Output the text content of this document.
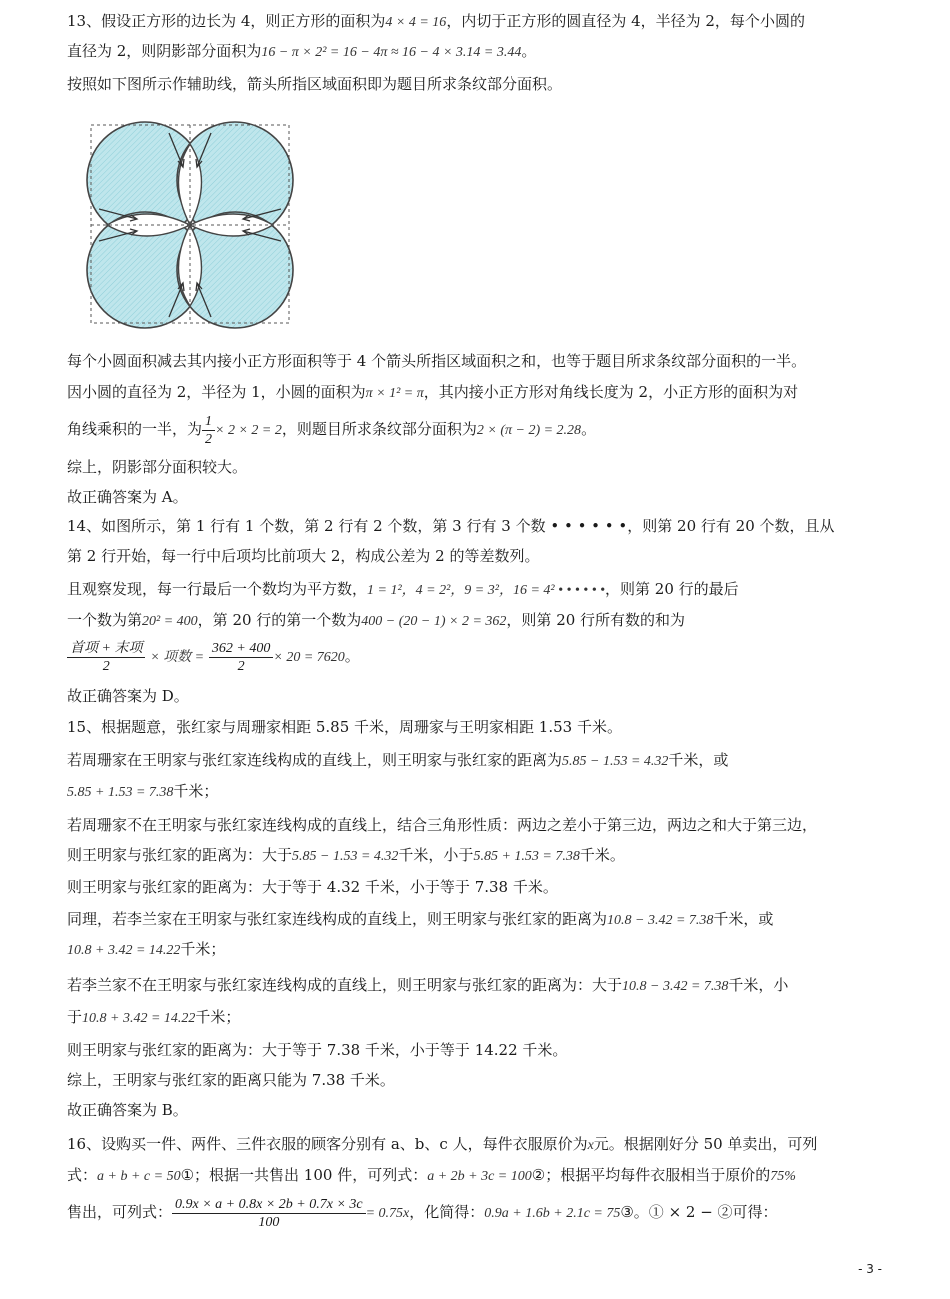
13、假设正方形的边长为 4，则正方形的面积为4 × 4 = 16，内切于正方形的圆直径为 4，半径为 2，每个小圆的
直径为 2，则阴影部分面积为16 − π × 2² = 16 − 4π ≈ 16 − 4 × 3.14 = 3.44。
按照如下图所示作辅助线，箭头所指区域面积即为题目所求条纹部分面积。
每个小圆面积减去其内接小正方形面积等于 4 个箭头所指区域面积之和，也等于题目所求条纹部分面积的一半。
因小圆的直径为 2，半径为 1，小圆的面积为π × 1² = π，其内接小正方形对角线长度为 2，小正方形的面积为对
角线乘积的一半，为 $\frac{1}{2} \times 2 \times 2 = 2$，则题目所求条纹部分面积为2 × (π − 2) = 2.28。
综上，阴影部分面积较大。
故正确答案为 A。
14、如图所示，第 1 行有 1 个数，第 2 行有 2 个数，第 3 行有 3 个数 • • • • • •，则第 20 行有 20 个数，且从
第 2 行开始，每一行中后项均比前项大 2，构成公差为 2 的等差数列。
且观察发现，每一行最后一个数均为平方数，1 = 1²，4 = 2²，9 = 3²，16 = 4² • • • • • •，则第 20 行的最后
一个数为第20² = 400，第 20 行的第一个数为400 − (20 − 1) × 2 = 362，则第 20 行所有数的和为
$\frac{\text{首项 + 末项}}{2}$ × 项数 = $\frac{362 + 400}{2} \times 20 = 7620$。
故正确答案为 D。
15、根据题意，张红家与周珊家相距 5.85 千米，周珊家与王明家相距 1.53 千米。
若周珊家在王明家与张红家连线构成的直线上，则王明家与张红家的距离为5.85 − 1.53 = 4.32千米，或
5.85 + 1.53 = 7.38千米；
若周珊家不在王明家与张红家连线构成的直线上，结合三角形性质：两边之差小于第三边，两边之和大于第三边，
则王明家与张红家的距离为：大于5.85 − 1.53 = 4.32千米，小于5.85 + 1.53 = 7.38千米。
则王明家与张红家的距离为：大于等于 4.32 千米，小于等于 7.38 千米。
同理，若李兰家在王明家与张红家连线构成的直线上，则王明家与张红家的距离为10.8 − 3.42 = 7.38千米，或
10.8 + 3.42 = 14.22千米；
若李兰家不在王明家与张红家连线构成的直线上，则王明家与张红家的距离为：大于10.8 − 3.42 = 7.38千米，小
于10.8 + 3.42 = 14.22千米；
则王明家与张红家的距离为：大于等于 7.38 千米，小于等于 14.22 千米。
综上，王明家与张红家的距离只能为 7.38 千米。
故正确答案为 B。
16、设购买一件、两件、三件衣服的顾客分别有 a、b、c 人，每件衣服原价为x元。根据刚好分 50 单卖出，可列
式：a + b + c = 50①；根据一共售出 100 件，可列式：a + 2b + 3c = 100②；根据平均每件衣服相当于原价的75%
售出，可列式： $\frac{0.9x \times a + 0.8x \times 2b + 0.7x \times 3c}{100} = 0.75x$，化简得：0.9a + 1.6b + 2.1c = 75③。① × 2 − ②可得：
- 3 -
